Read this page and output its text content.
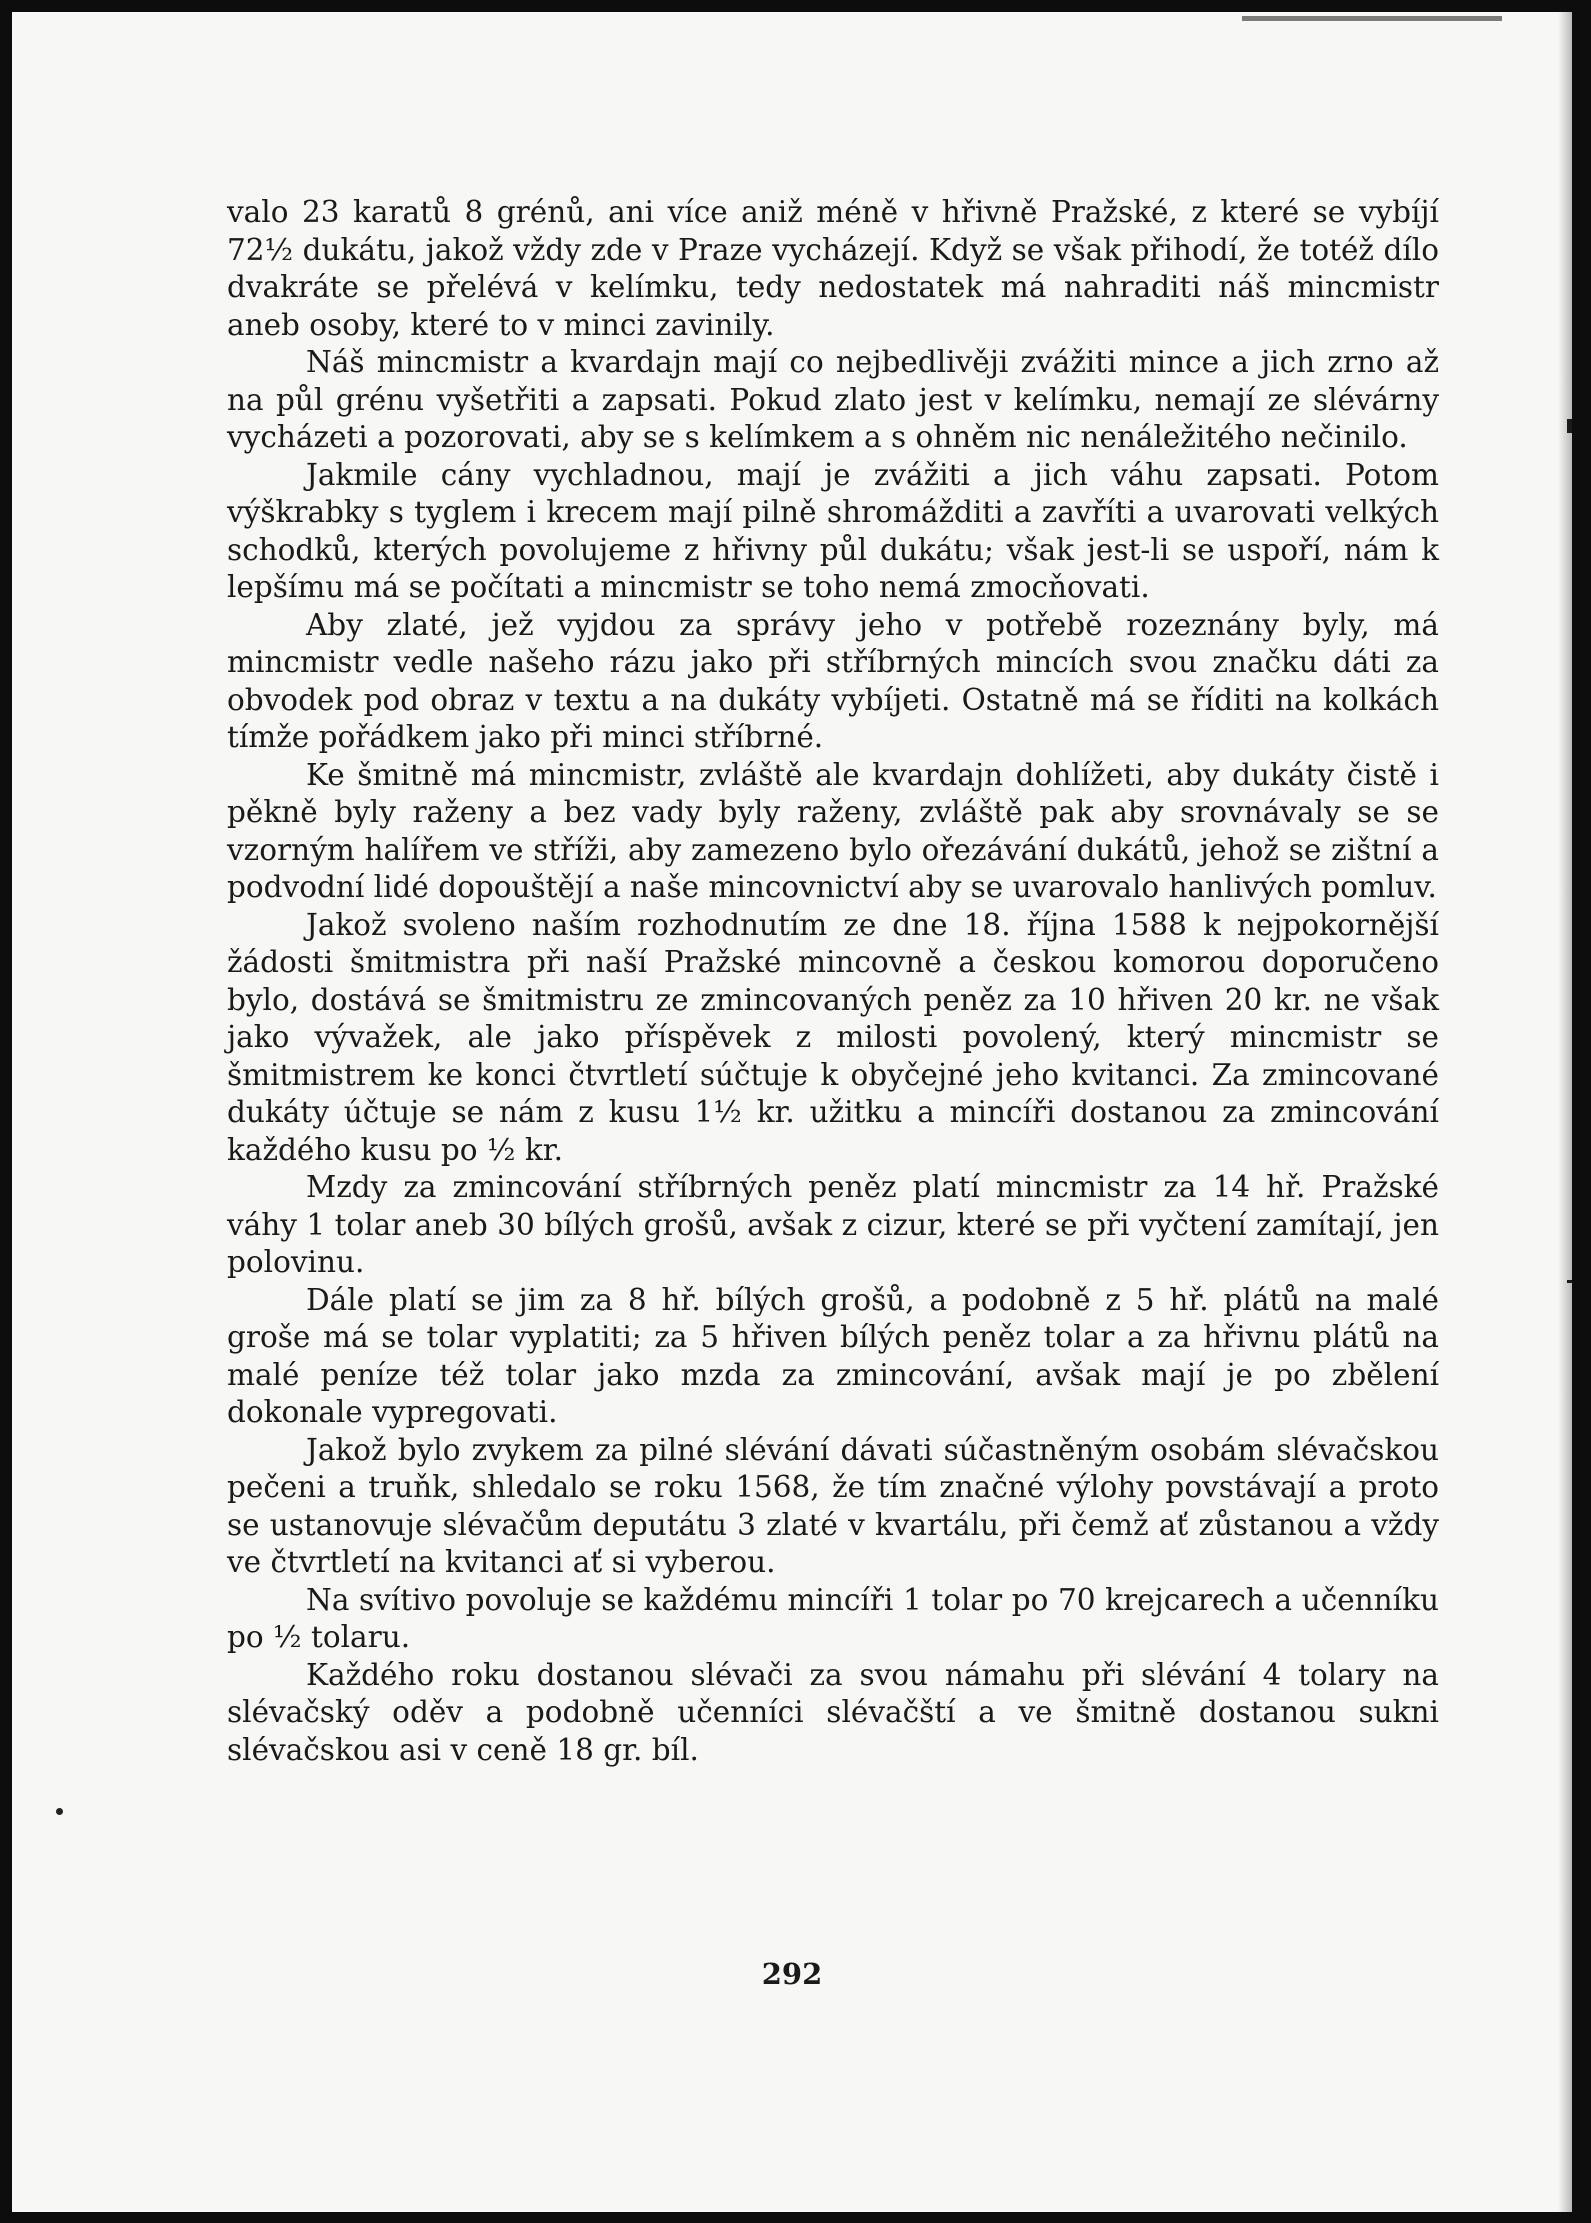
valo 23 karatů 8 grénů, ani více aniž méně v hřivně Pražské, z které se vybíjí 72½ dukátu, jakož vždy zde v Praze vycházejí. Když se však přihodí, že totéž dílo dvakráte se přelévá v kelímku, tedy nedostatek má nahraditi náš mincmistr aneb osoby, které to v minci zavinily.

Náš mincmistr a kvardajn mají co nejbedlivěji zvážiti mince a jich zrno až na půl grénu vyšetřiti a zapsati. Pokud zlato jest v kelímku, nemají ze slévárny vycházeti a pozorovati, aby se s kelímkem a s ohněm nic nenáležitého nečinilo.

Jakmile cány vychladnou, mají je zvážiti a jich váhu zapsati. Potom výškrabky s tyglem i krecem mají pilně shromážditi a zavříti a uvarovati velkých schodků, kterých povolujeme z hřivny půl dukátu; však jest-li se uspoří, nám k lepšímu má se počítati a mincmistr se toho nemá zmocňovati.

Aby zlaté, jež vyjdou za správy jeho v potřebě rozeznány byly, má mincmistr vedle našeho rázu jako při stříbrných mincích svou značku dáti za obvodek pod obraz v textu a na dukáty vybíjeti. Ostatně má se říditi na kolkách tímže pořádkem jako při minci stříbrné.

Ke šmitně má mincmistr, zvláště ale kvardajn dohlížeti, aby dukáty čistě i pěkně byly raženy a bez vady byly raženy, zvláště pak aby srovnávaly se se vzorným halířem ve stříži, aby zamezeno bylo ořezávání dukátů, jehož se zištní a podvodní lidé dopouštějí a naše mincovnictví aby se uvarovalo hanlivých pomluv.

Jakož svoleno naším rozhodnutím ze dne 18. října 1588 k nejpokornější žádosti šmitmistra při naší Pražské mincovně a českou komorou doporučeno bylo, dostává se šmitmistru ze zmincovaných peněz za 10 hřiven 20 kr. ne však jako vývažek, ale jako příspěvek z milosti povolený, který mincmistr se šmitmistrem ke konci čtvrtletí súčtuje k obyčejné jeho kvitanci. Za zmincované dukáty účtuje se nám z kusu 1½ kr. užitku a mincíři dostanou za zmincování každého kusu po ½ kr.

Mzdy za zmincování stříbrných peněz platí mincmistr za 14 hř. Pražské váhy 1 tolar aneb 30 bílých grošů, avšak z cizur, které se při vyčtení zamítají, jen polovinu.

Dále platí se jim za 8 hř. bílých grošů, a podobně z 5 hř. plátů na malé groše má se tolar vyplatiti; za 5 hřiven bílých peněz tolar a za hřivnu plátů na malé peníze též tolar jako mzda za zmincování, avšak mají je po zbělení dokonale vypregovati.

Jakož bylo zvykem za pilné slévání dávati súčastněným osobám slévačskou pečeni a truňk, shledalo se roku 1568, že tím značné výlohy povstávají a proto se ustanovuje slévačům deputátu 3 zlaté v kvartálu, při čemž ať zůstanou a vždy ve čtvrtletí na kvitanci ať si vyberou.

Na svítivo povoluje se každému mincíři 1 tolar po 70 krejcarech a učenníku po ½ tolaru.

Každého roku dostanou slévači za svou námahu při slévání 4 tolary na slévačský oděv a podobně učenníci slévačští a ve šmitně dostanou sukni slévačskou asi v ceně 18 gr. bíl.

292
